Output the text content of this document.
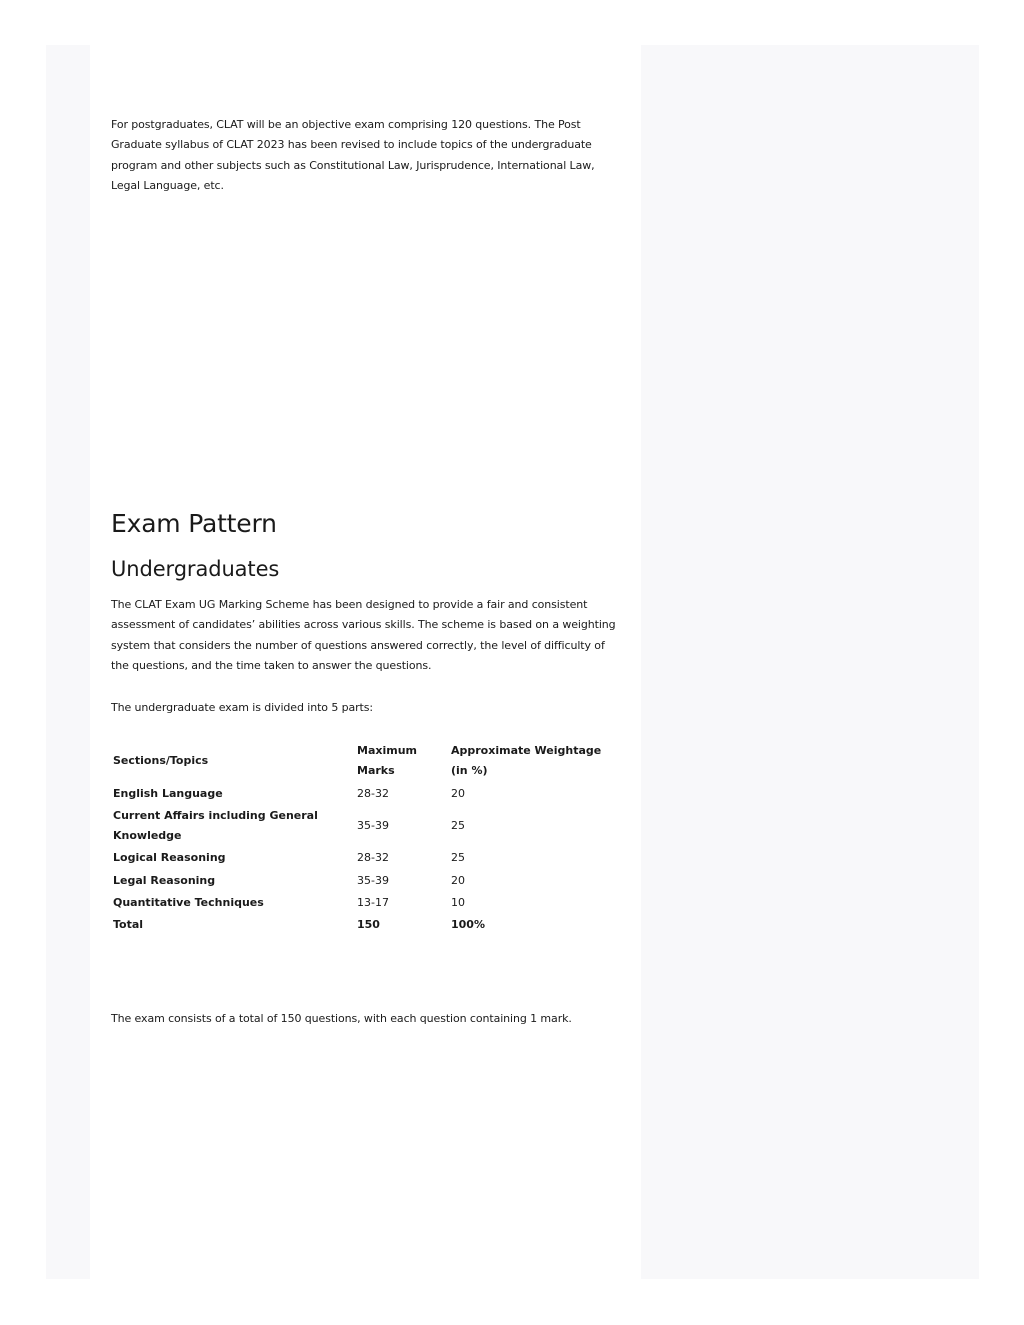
For postgraduates, CLAT will be an objective exam comprising 120 questions. The Post Graduate syllabus of CLAT 2023 has been revised to include topics of the undergraduate program and other subjects such as Constitutional Law, Jurisprudence, International Law, Legal Language, etc.

Exam Pattern
Undergraduates

The CLAT Exam UG Marking Scheme has been designed to provide a fair and consistent assessment of candidates’ abilities across various skills. The scheme is based on a weighting system that considers the number of questions answered correctly, the level of difficulty of the questions, and the time taken to answer the questions.

The undergraduate exam is divided into 5 parts:

Sections/Topics	Maximum Marks	Approximate Weightage (in %)
English Language	28-32	20
Current Affairs including General Knowledge	35-39	25
Logical Reasoning	28-32	25
Legal Reasoning	35-39	20
Quantitative Techniques	13-17	10
Total	150	100%

The exam consists of a total of 150 questions, with each question containing 1 mark.
